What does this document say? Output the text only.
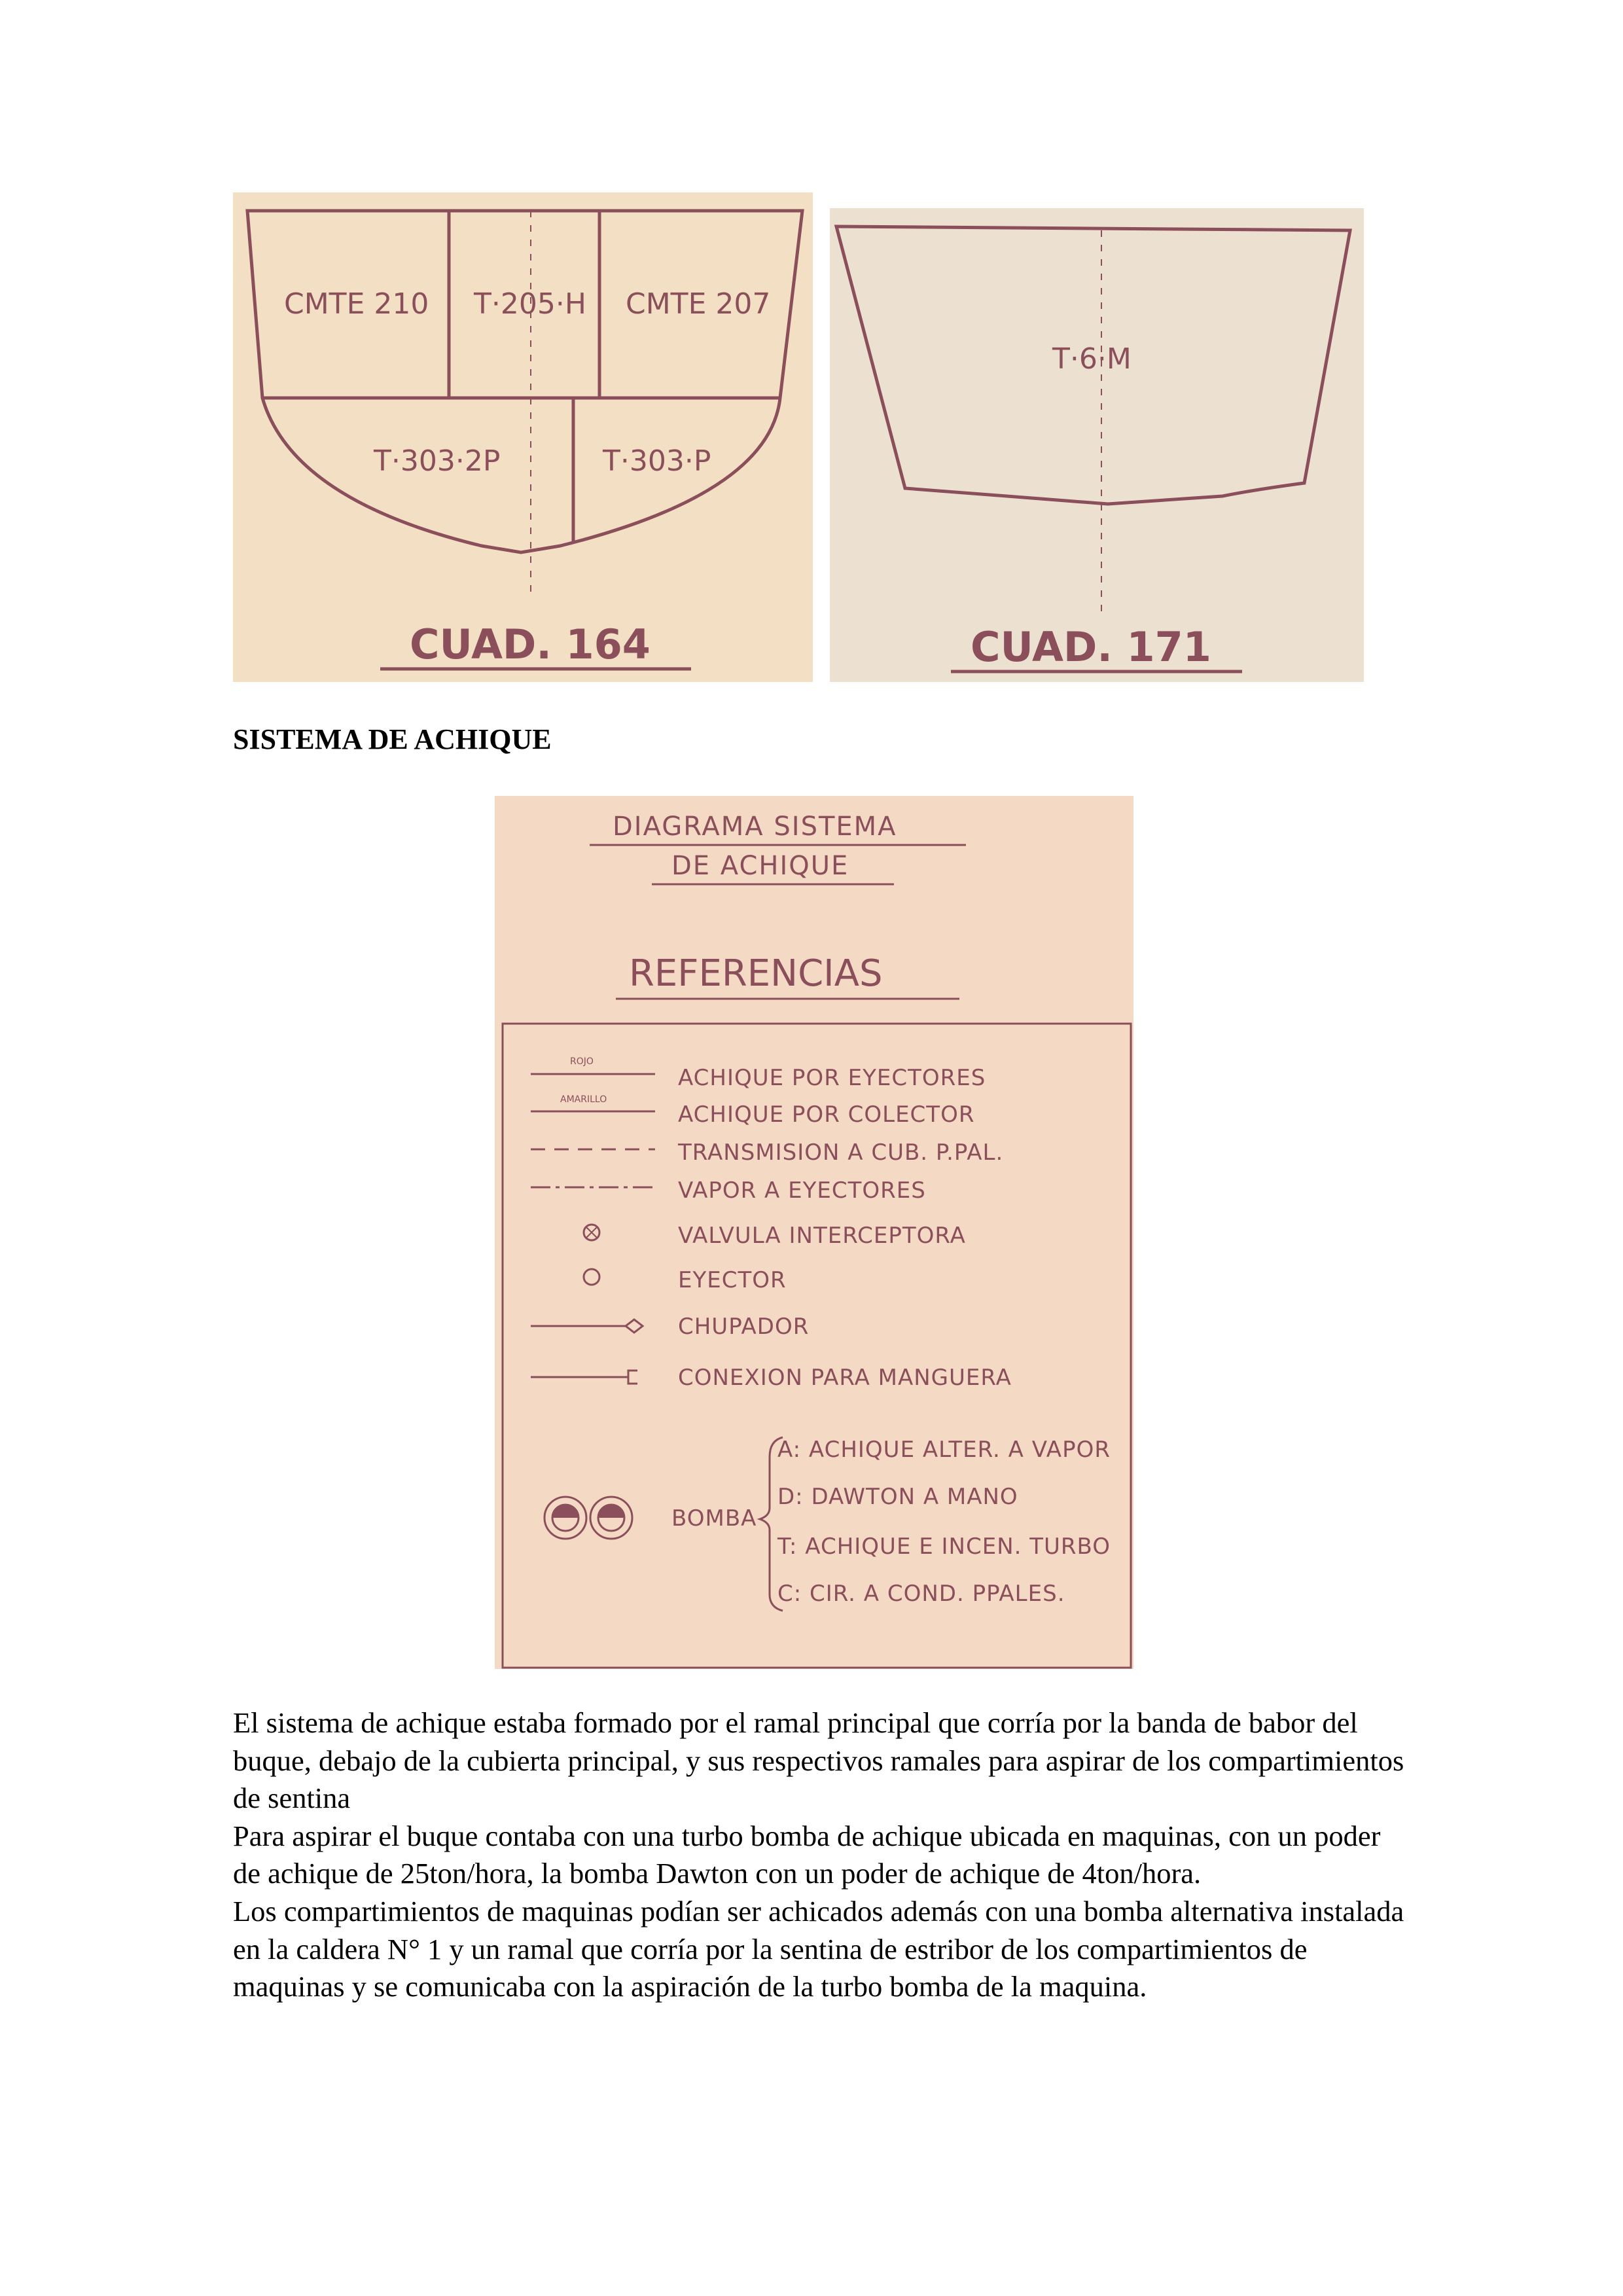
CMTE 210 T·205·H CMTE 207
T·303·2P	T·303·P
CUAD. 164
T·6·M
CUAD. 171
SISTEMA DE ACHIQUE
DIAGRAMA SISTEMA
DE ACHIQUE
REFERENCIAS
ROJO
AMARILLO
ACHIQUE POR EYECTORES
ACHIQUE POR COLECTOR
TRANSMISION A CUB. P.PAL.
VAPOR A EYECTORES
VALVULA INTERCEPTORA
EYECTOR
CHUPADOR
CONEXION PARA MANGUERA
BOMBA
A: ACHIQUE ALTER. A VAPOR
D: DAWTON A MANO
T: ACHIQUE E INCEN. TURBO
C: CIR. A COND. PPALES.

El sistema de achique estaba formado por el ramal principal que corría por la banda de babor del buque, debajo de la cubierta principal, y sus respectivos ramales para aspirar de los compartimientos de sentina

Para aspirar el buque contaba con una turbo bomba de achique ubicada en maquinas, con un poder de achique de 25ton/hora, la bomba Dawton con un poder de achique de 4ton/hora.

Los compartimientos de maquinas podían ser achicados además con una bomba alternativa instalada en la caldera N° 1 y un ramal que corría por la sentina de estribor de los compartimientos de maquinas y se comunicaba con la aspiración de la turbo bomba de la maquina.
